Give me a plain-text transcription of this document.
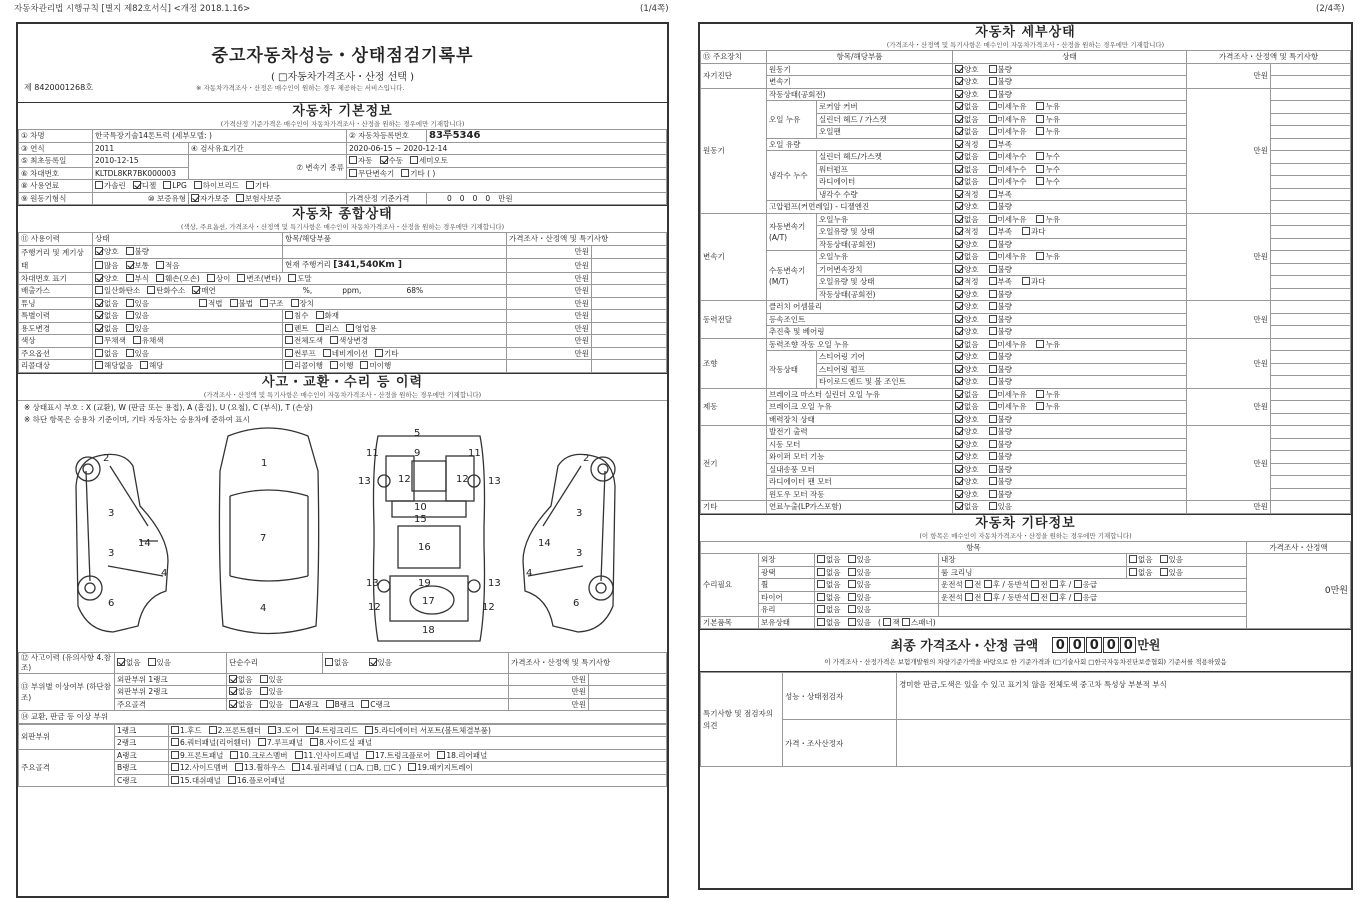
자동차관리법 시행규칙 [별지 제82호서식] <개정 2018.1.16>	(1/4쪽)
중고자동차성능・상태점검기록부
( □자동차가격조사・산정 선택 )
제 8420001268호	※ 자동차가격조사・산정은 매수인이 원하는 경우 제공하는 서비스입니다.
자동차 기본정보
(가격산정 기준가격은 매수인이 자동차가격조사・산정을 원하는 경우에만 기재합니다)
① 차명	한국특장기술14톤트럭 (세부모델: )		② 자동차등록번호	83루5346
③ 연식	2011	④ 검사유효기간	2020-06-15 ~ 2020-12-14	
⑤ 최초등록일	2010-12-15	⑦ 변속기 종류	자동 수동 세미오토	
⑥ 차대번호	KLTDL8KR7BK000003		무단변속기 기타 ( )	
⑧ 사용연료	가솔린 디젤 LPG 하이브리드 기타			
⑨ 원동기형식	⑩ 보증유형	자가보증 보험사보증	가격산정 기준가격	0000만원
자동차 종합상태
(색상, 주요옵션, 가격조사・산정액 및 특기사항은 매수인이 자동차가격조사・산정을 원하는 경우에만 기재합니다)
⑪ 사용이력	상태	항목/해당부품	가격조사・산정액 및 특기사항	
주행거리 및 계기상태	양호 불량		만원	
	많음 보통 적음	현재 주행거리 [341,540Km ]	만원	
차대번호 표기	양호 부식 훼손(오손) 상이 변조(변타) 도말		만원	
배출가스	일산화탄소 탄화수소 매연 %, ppm, 68%		만원	
튜닝	없음 있음 적법 불법 구조 장치		만원	
특별이력	없음 있음	침수 화재	만원	
용도변경	없음 있음	렌트 리스 영업용	만원	
색상	무채색 유채색	전체도색 색상변경	만원	
주요옵션	없음 있음	썬루프 네비게이션 기타	만원	
리콜대상	해당없음 해당	리콜이행 이행 미이행		
사고・교환・수리 등 이력
(가격조사・산정액 및 특기사항은 매수인이 자동차가격조사・산정을 원하는 경우에만 기재합니다)
※ 상태표시 부호 : X (교환), W (판금 또는 용접), A (흠집), U (요철), C (부식), T (손상)
※ 하단 항목은 승용차 기준이며, 기타 자동차는 승용차에 준하여 표시
2
3
3
14
6
4
1
7
4
5
9
11	11
13	13
12	12
10
15
16
13	13
19
12	12
17
18
2
3
3
14
6
4
⑫ 사고이력 (유의사항 4.참조)	없음 있음	단순수리	없음 있음	가격조사・산정액 및 특기사항	
⑬ 부위별 이상여부 (하단참조)	외판부위 1랭크	없음 있음		만원	
	외판부위 2랭크	없음 있음		만원	
	주요골격	없음 있음 A랭크 B랭크 C랭크		만원	
⑭ 교환, 판금 등 이상 부위					
외판부위	1랭크	1.후드 2.프론트휀더 3.도어 4.트렁크리드 5.라디에이터 서포트(볼트체결부품)
	2랭크	6.쿼터패널(리어휀더) 7.루프패널 8.사이드실 패널
주요골격	A랭크	9.프론트패널 10.크로스멤버 11.인사이드패널 17.트렁크플로어 18.리어패널
	B랭크	12.사이드멤버 13.휠하우스 14.필러패널 ( □A, □B, □C ) 19.패키지트레이
	C랭크	15.대쉬패널 16.플로어패널
(2/4쪽)
자동차 세부상태
(가격조사・산정액 및 특기사항은 매수인이 자동차가격조사・산정을 원하는 경우에만 기재합니다)
⑮ 주요장치	항목/해당부품		상태	가격조사・산정액 및 특기사항	
자기진단	원동기		양호 불량	만원	
	변속기		양호 불량		
원동기	작동상태(공회전)		양호 불량	만원	
	오일 누유	로커암 커버	없음 미세누유 누유		
		실린더 헤드 / 가스켓	없음 미세누유 누유		
		오일팬	없음 미세누유 누유		
	오일 유량		적정 부족		
	냉각수 누수	실린더 헤드/가스켓	없음 미세누수 누수		
		워터펌프	없음 미세누수 누수		
		라디에이터	없음 미세누수 누수		
		냉각수 수량	적정 부족		
	고압펌프(커먼레일) - 디젤엔진		양호 불량		
변속기	자동변속기 (A/T)	오일누유	없음 미세누유 누유	만원	
		오일유량 및 상태	적정 부족 과다		
		작동상태(공회전)	양호 불량		
	수동변속기 (M/T)	오일누유	없음 미세누유 누유		
		기어변속장치	양호 불량		
		오일유량 및 상태	적정 부족 과다		
		작동상태(공회전)	양호 불량		
동력전달	클러치 어셈블리		양호 불량	만원	
	등속조인트		양호 불량		
	추진축 및 베어링		양호 불량		
조향	동력조향 작동 오일 누유		없음 미세누유 누유	만원	
	작동상태	스티어링 기어	양호 불량		
		스티어링 펌프	양호 불량		
		타이로드엔드 및 볼 조인트	양호 불량		
제동	브레이크 마스터 실린더 오일 누유		없음 미세누유 누유	만원	
	브레이크 오일 누유		없음 미세누유 누유		
	배력장치 상태		양호 불량		
전기	발전기 출력		양호 불량	만원	
	시동 모터		양호 불량		
	와이퍼 모터 기능		양호 불량		
	실내송풍 모터		양호 불량		
	라디에이터 팬 모터		양호 불량		
	윈도우 모터 작동		양호 불량		
기타	연료누출(LP가스포함)		없음 있음	만원	
자동차 기타정보
(이 항목은 매수인이 자동차가격조사・산정을 원하는 경우에만 기재합니다)
항목					가격조사・산정액
수리필요	외장	없음 있음	내장	없음 있음	0만원
	광택	없음 있음	룸 크리닝	없음 있음	
	휠	없음 있음	운전석 전 후 / 동반석 전 후 / 응급		
	타이어	없음 있음	운전석 전 후 / 동반석 전 후 / 응급		
	유리	없음 있음			
기본품목	보유상태	없음 있음 ( 잭 스패너)			
최종 가격조사・산정 금액 0 0 0 0 0 만원
이 가격조사・산정가격은 보험개발원의 차량기준가액을 바탕으로 한 기준가격과 (□기술사회 □한국자동차진단보증협회) 기준서를 적용하였음
특기사항 및 점검자의 의견	성능・상태점검자	경미한 판금,도색은 있을 수 있고 표기치 않음 전체도색 중고차 특성상 부분적 부식
	가격・조사산정자	
